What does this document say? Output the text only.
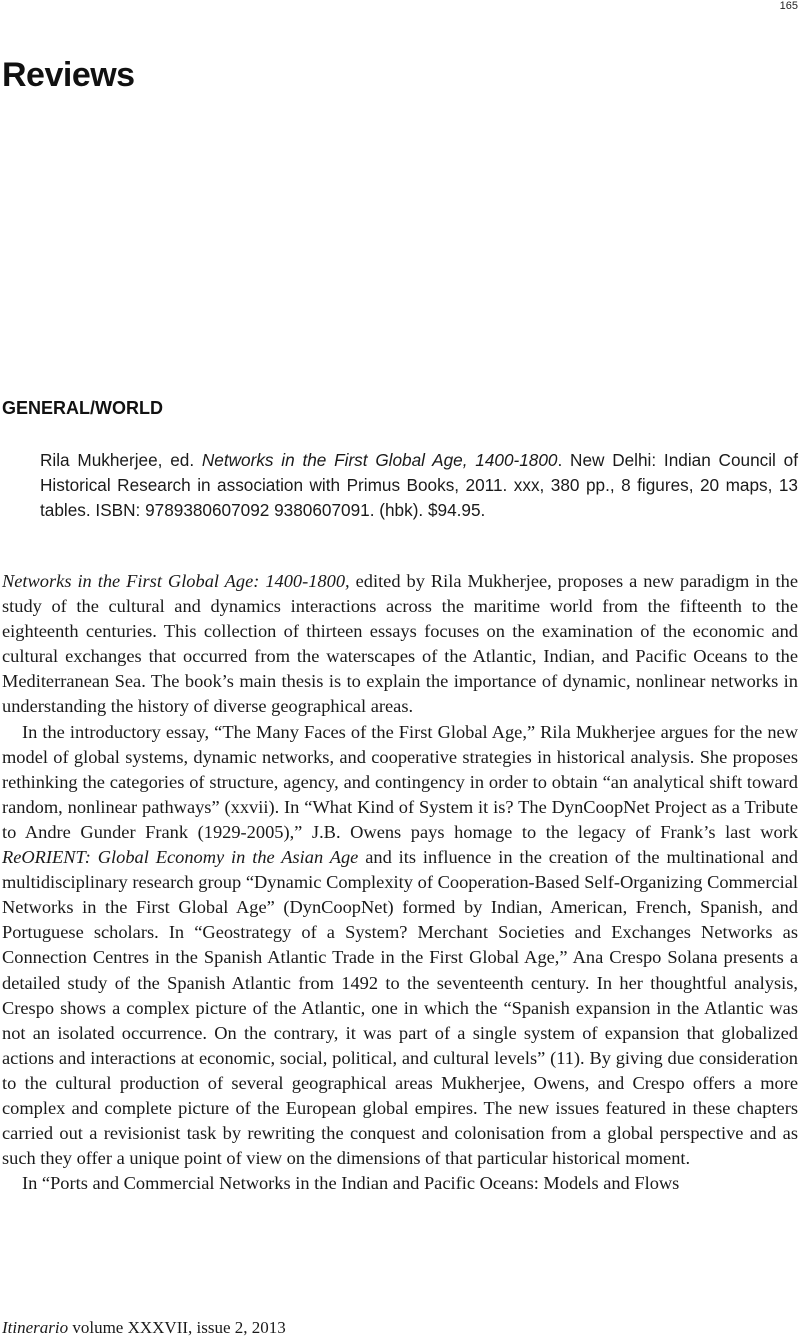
165
Reviews
GENERAL/WORLD

Rila Mukherjee, ed. Networks in the First Global Age, 1400-1800. New Delhi: Indian Council of Historical Research in association with Primus Books, 2011. xxx, 380 pp., 8 figures, 20 maps, 13 tables. ISBN: 9789380607092 9380607091. (hbk). $94.95.

Networks in the First Global Age: 1400-1800, edited by Rila Mukherjee, proposes a new paradigm in the study of the cultural and dynamics interactions across the maritime world from the fifteenth to the eighteenth centuries. This collection of thirteen essays focuses on the examination of the economic and cultural exchanges that occurred from the waterscapes of the Atlantic, Indian, and Pacific Oceans to the Mediterranean Sea. The book’s main thesis is to explain the importance of dynamic, nonlinear networks in understanding the history of diverse geographical areas.

In the introductory essay, “The Many Faces of the First Global Age,” Rila Mukherjee argues for the new model of global systems, dynamic networks, and cooperative strategies in historical analysis. She proposes rethinking the categories of structure, agency, and contingency in order to obtain “an analytical shift toward random, nonlinear pathways” (xxvii). In “What Kind of System it is? The DynCoopNet Project as a Tribute to Andre Gunder Frank (1929-2005),” J.B. Owens pays homage to the legacy of Frank’s last work ReORIENT: Global Economy in the Asian Age and its influence in the creation of the multinational and multidisciplinary research group “Dynamic Complexity of Cooperation-Based Self-Organizing Commercial Networks in the First Global Age” (DynCoopNet) formed by Indian, American, French, Spanish, and Portuguese scholars. In “Geostrategy of a System? Merchant Societies and Exchanges Networks as Connection Centres in the Spanish Atlantic Trade in the First Global Age,” Ana Crespo Solana presents a detailed study of the Spanish Atlantic from 1492 to the seventeenth century. In her thoughtful analysis, Crespo shows a complex picture of the Atlantic, one in which the “Spanish expansion in the Atlantic was not an isolated occurrence. On the contrary, it was part of a single system of expansion that globalized actions and interactions at economic, social, political, and cultural levels” (11). By giving due consideration to the cultural production of several geographical areas Mukherjee, Owens, and Crespo offers a more complex and complete picture of the European global empires. The new issues featured in these chapters carried out a revisionist task by rewriting the conquest and colonisation from a global perspective and as such they offer a unique point of view on the dimensions of that particular historical moment.

In “Ports and Commercial Networks in the Indian and Pacific Oceans: Models and Flows

Itinerario volume XXXVII, issue 2, 2013
